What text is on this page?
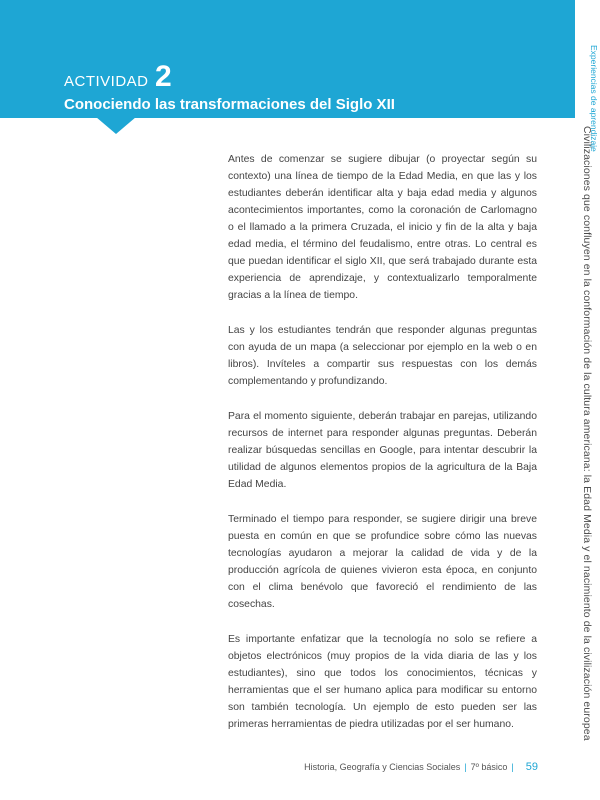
ACTIVIDAD 2
Conociendo las transformaciones del Siglo XII	Experiencias de aprendizaje
Civilizaciones que confluyen en la conformación de la cultura americana: la Edad Media y el nacimiento de la civilización europea

Antes de comenzar se sugiere dibujar (o proyectar según su contexto) una línea de tiempo de la Edad Media, en que las y los estudiantes deberán identificar alta y baja edad media y algunos acontecimientos importantes, como la coronación de Carlomagno o el llamado a la primera Cruzada, el inicio y fin de la alta y baja edad media, el término del feudalismo, entre otras. Lo central es que puedan identificar el siglo XII, que será trabajado durante esta experiencia de aprendizaje, y contextualizarlo temporalmente gracias a la línea de tiempo.

Las y los estudiantes tendrán que responder algunas preguntas con ayuda de un mapa (a seleccionar por ejemplo en la web o en libros). Invíteles a compartir sus respuestas con los demás complementando y profundizando.

Para el momento siguiente, deberán trabajar en parejas, utilizando recursos de internet para responder algunas preguntas. Deberán realizar búsquedas sencillas en Google, para intentar descubrir la utilidad de algunos elementos propios de la agricultura de la Baja Edad Media.

Terminado el tiempo para responder, se sugiere dirigir una breve puesta en común en que se profundice sobre cómo las nuevas tecnologías ayudaron a mejorar la calidad de vida y de la producción agrícola de quienes vivieron esta época, en conjunto con el clima benévolo que favoreció el rendimiento de las cosechas.

Es importante enfatizar que la tecnología no solo se refiere a objetos electrónicos (muy propios de la vida diaria de las y los estudiantes), sino que todos los conocimientos, técnicas y herramientas que el ser humano aplica para modificar su entorno son también tecnología. Un ejemplo de esto pueden ser las primeras herramientas de piedra utilizadas por el ser humano.

Historia, Geografía y Ciencias Sociales | 7º básico | 59
